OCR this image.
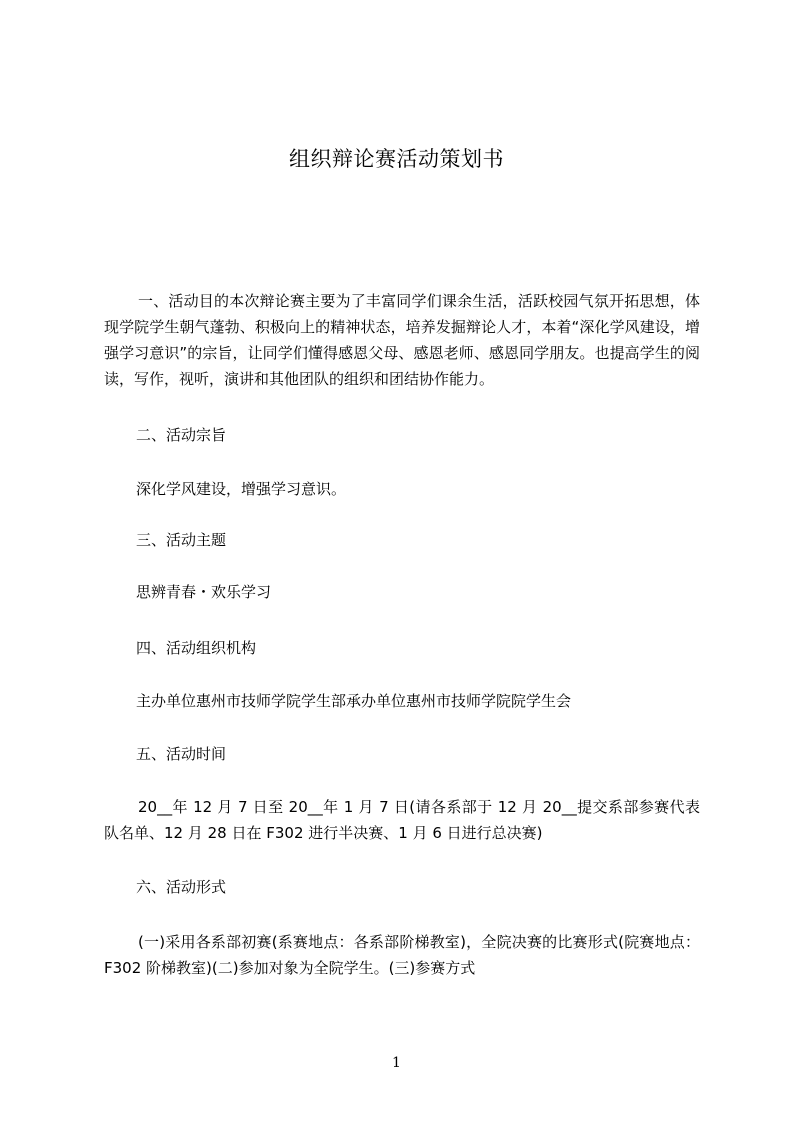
组织辩论赛活动策划书
一、活动目的本次辩论赛主要为了丰富同学们课余生活，活跃校园气氛开拓思想，体现学院学生朝气蓬勃、积极向上的精神状态，培养发掘辩论人才，本着“深化学风建设，增强学习意识”的宗旨，让同学们懂得感恩父母、感恩老师、感恩同学朋友。也提高学生的阅读，写作，视听，演讲和其他团队的组织和团结协作能力。
二、活动宗旨
深化学风建设，增强学习意识。
三、活动主题
思辨青春・欢乐学习
四、活动组织机构
主办单位惠州市技师学院学生部承办单位惠州市技师学院院学生会
五、活动时间
20__年 12 月 7 日至 20__年 1 月 7 日(请各系部于 12 月 20__提交系部参赛代表队名单、12 月 28 日在 F302 进行半决赛、1 月 6 日进行总决赛)
六、活动形式
(一)采用各系部初赛(系赛地点：各系部阶梯教室)，全院决赛的比赛形式(院赛地点：F302 阶梯教室)(二)参加对象为全院学生。(三)参赛方式
1
